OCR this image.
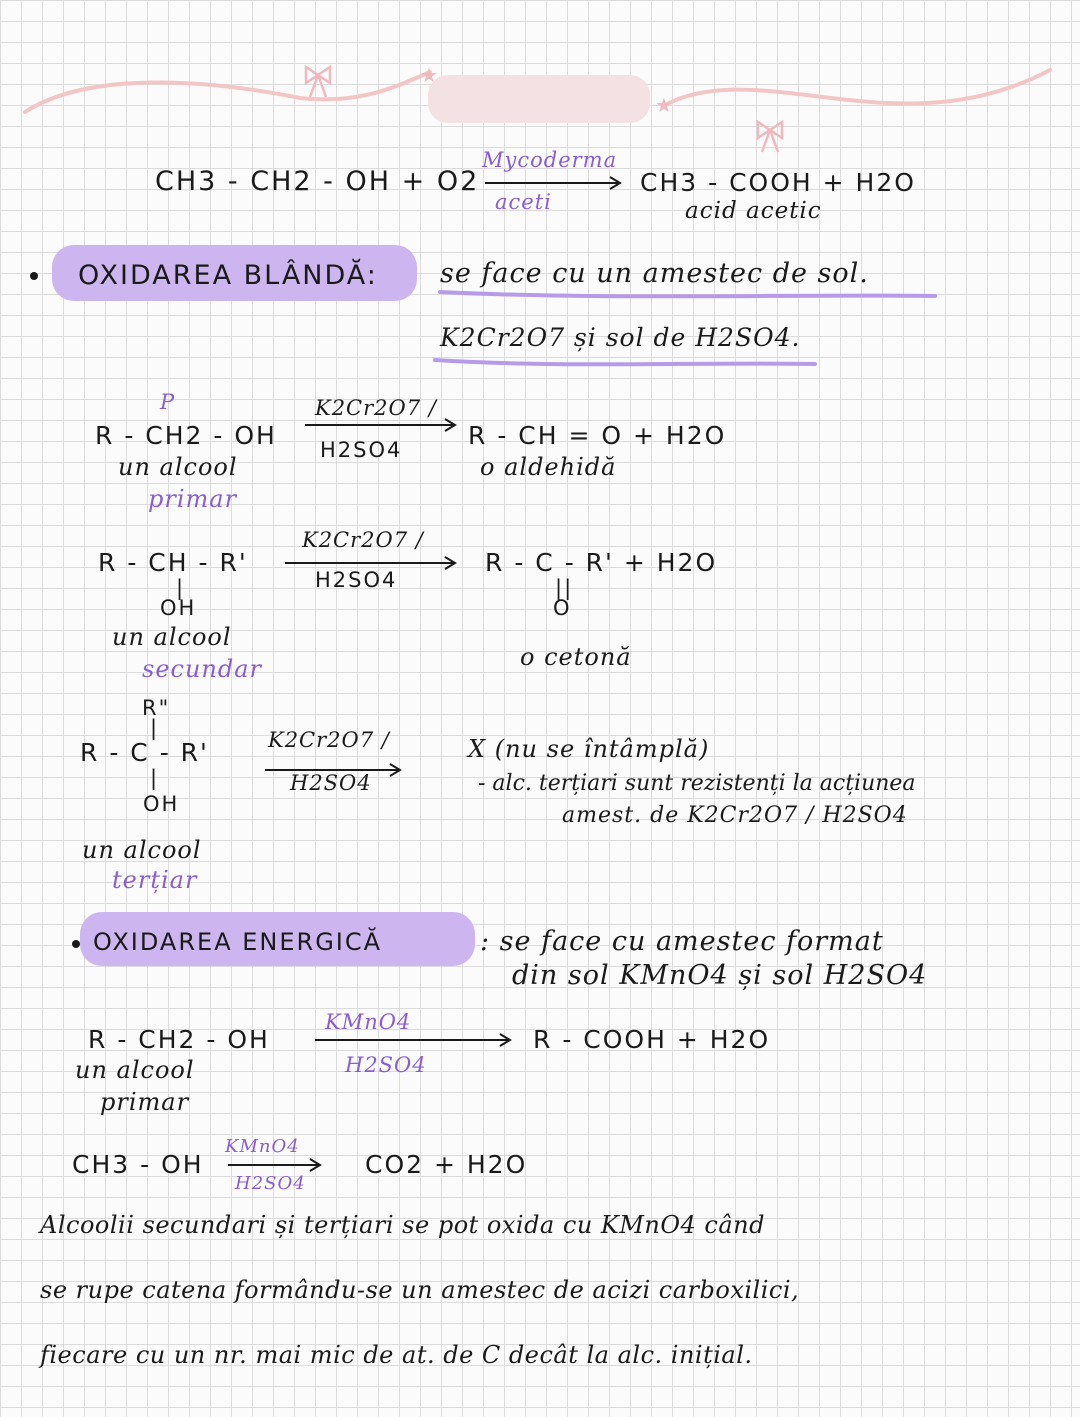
★
★
CH3 - CH2 - OH + O2
Mycoderma
aceti
CH3 - COOH + H2O
acid acetic
OXIDAREA BLÂNDĂ: se face cu un amestec de sol.
K2Cr2O7 și sol de H2SO4.
P
R - CH2 - OH
un alcool
primar
K2Cr2O7 /
H2SO4	R - CH = O + H2O
o aldehidă
R - CH - R'
|
OH
un alcool
secundar
K2Cr2O7 /
H2SO4
R - C - R' + H2O
||
O
o cetonă
R"
|
R - C - R'
|
OH
un alcool
terțiar
K2Cr2O7 /
H2SO4
X (nu se întâmplă)
- alc. terțiari sunt rezistenți la acțiunea
amest. de K2Cr2O7 / H2SO4
OXIDAREA ENERGICĂ	: se face cu amestec format
din sol KMnO4 și sol H2SO4
R - CH2 - OH
un alcool
primar
KMnO4
H2SO4
R - COOH + H2O
CH3 - OH
KMnO4
H2SO4
CO2 + H2O
Alcoolii secundari și terțiari se pot oxida cu KMnO4 când
se rupe catena formându-se un amestec de acizi carboxilici,
fiecare cu un nr. mai mic de at. de C decât la alc. inițial.
